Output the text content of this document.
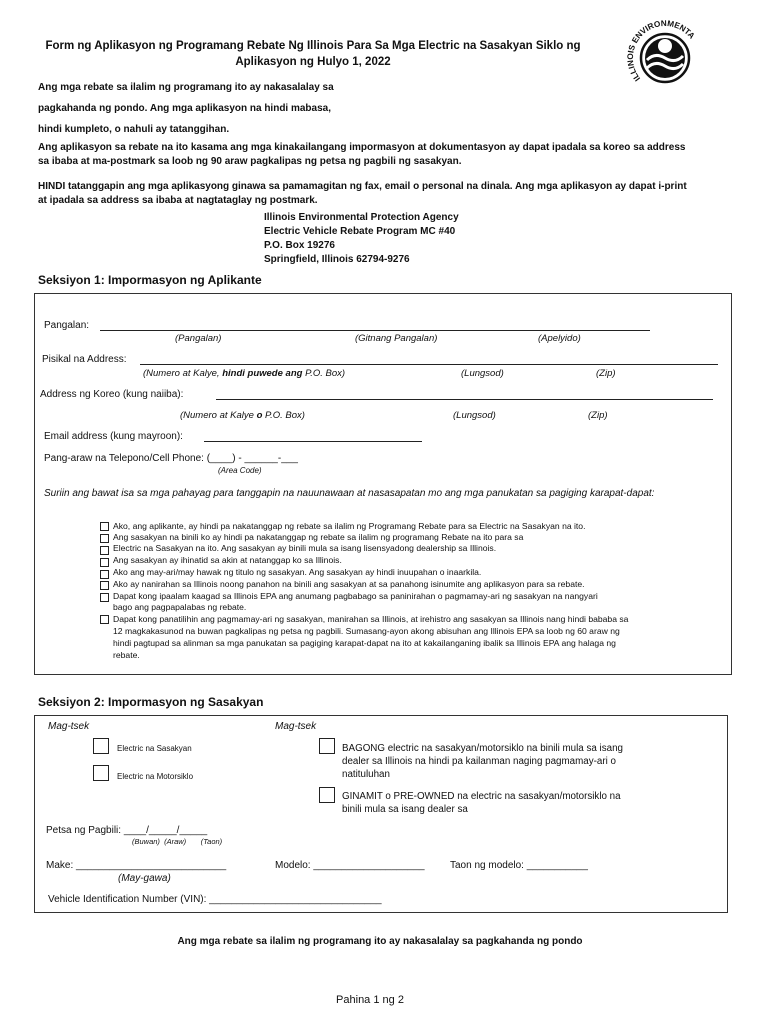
Form ng Aplikasyon ng Programang Rebate Ng Illinois Para Sa Mga Electric na Sasakyan Siklo ng Aplikasyon ng Hulyo 1, 2022
ILLINOIS ENVIRONMENTAL
Ang mga rebate sa ilalim ng programang ito ay nakasalalay sa
pagkahanda ng pondo. Ang mga aplikasyon na hindi mabasa,
hindi kumpleto, o nahuli ay tatanggihan.
Ang aplikasyon sa rebate na ito kasama ang mga kinakailangang impormasyon at dokumentasyon ay dapat ipadala sa koreo sa address sa ibaba at ma-postmark sa loob ng 90 araw pagkalipas ng petsa ng pagbili ng sasakyan.
HINDI tatanggapin ang mga aplikasyong ginawa sa pamamagitan ng fax, email o personal na dinala. Ang mga aplikasyon ay dapat i-print at ipadala sa address sa ibaba at nagtataglay ng postmark.
Illinois Environmental Protection Agency
Electric Vehicle Rebate Program MC #40
P.O. Box 19276
Springfield, Illinois 62794-9276
Seksiyon 1: Impormasyon ng Aplikante
Pangalan:
(Pangalan)	(Gitnang Pangalan)	(Apelyido)
Pisikal na Address:
(Numero at Kalye, hindi puwede ang P.O. Box)	(Lungsod)	(Zip)
Address ng Koreo (kung naiiba):
(Numero at Kalye o P.O. Box)	(Lungsod)	(Zip)
Email address (kung mayroon):
Pang-araw na Telepono/Cell Phone: (____) - ______-___
(Area Code)
Suriin ang bawat isa sa mga pahayag para tanggapin na nauunawaan at nasasapatan mo ang mga panukatan sa pagiging karapat-dapat:
Ako, ang aplikante, ay hindi pa nakatanggap ng rebate sa ilalim ng Programang Rebate para sa Electric na Sasakyan na ito.
Ang sasakyan na binili ko ay hindi pa nakatanggap ng rebate sa ilalim ng programang Rebate na ito para sa
Electric na Sasakyan na ito. Ang sasakyan ay binili mula sa isang lisensyadong dealership sa Illinois.
Ang sasakyan ay ihinatid sa akin at natanggap ko sa Illinois.
Ako ang may-ari/may hawak ng titulo ng sasakyan. Ang sasakyan ay hindi inuupahan o inaarkila.
Ako ay nanirahan sa Illinois noong panahon na binili ang sasakyan at sa panahong isinumite ang aplikasyon para sa rebate.
Dapat kong ipaalam kaagad sa Illinois EPA ang anumang pagbabago sa paninirahan o pagmamay-ari ng sasakyan na nangyari
bago ang pagpapalabas ng rebate.
Dapat kong panatilihin ang pagmamay-ari ng sasakyan, manirahan sa Illinois, at irehistro ang sasakyan sa Illinois nang hindi bababa sa
12 magkakasunod na buwan pagkalipas ng petsa ng pagbili. Sumasang-ayon akong abisuhan ang Illinois EPA sa loob ng 60 araw ng
hindi pagtupad sa alinman sa mga panukatan sa pagiging karapat-dapat na ito at kakailanganing ibalik sa Illinois EPA ang halaga ng
rebate.
Seksiyon 2: Impormasyon ng Sasakyan
Mag-tsek	Mag-tsek
Electric na Sasakyan
Electric na Motorsiklo
BAGONG electric na sasakyan/motorsiklo na binili mula sa isang dealer sa Illinois na hindi pa kailanman naging pagmamay-ari o natituluhan
GINAMIT o PRE-OWNED na electric na sasakyan/motorsiklo na binili mula sa isang dealer sa
Petsa ng Pagbili: ____/_____/_____
(Buwan)  (Araw)       (Taon)
Make: ___________________________
(May-gawa)
Modelo: ____________________	Taon ng modelo: ___________
Vehicle Identification Number (VIN): _______________________________
Ang mga rebate sa ilalim ng programang ito ay nakasalalay sa pagkahanda ng pondo
Pahina 1 ng 2
